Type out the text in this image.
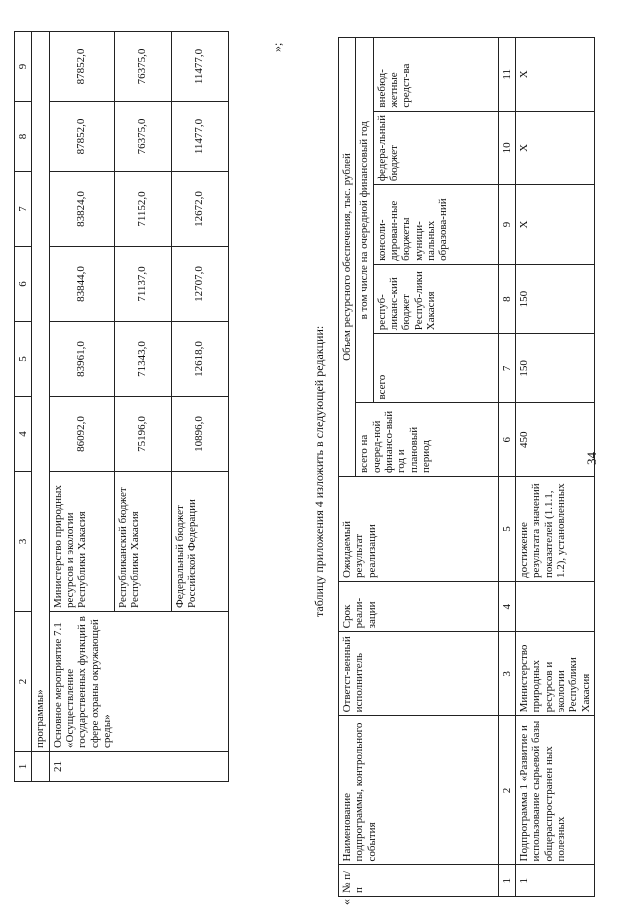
34
»;
1	2	3	4	5	6	7	8	9
	программы»							
21	Основное мероприятие 7.1 «Осуществление государственных функций в сфере охраны окружающей среды»	Министерство природных ресурсов и экологии Республики Хакасия	86092,0	83961,0	83844,0	83824,0	87852,0	87852,0
		Республиканский бюджет Республики Хакасия	75196,0	71343,0	71137,0	71152,0	76375,0	76375,0
		Федеральный бюджет Российской Федерации	10896,0	12618,0	12707,0	12672,0	11477,0	11477,0
таблицу приложения 4 изложить в следующей редакции:
«
№ п/п	Наименование подпрограммы, контрольного события	Ответст-венный исполнитель	Срок реали-зации	Ожидаемый результат реализации	Объем ресурсного обеспечения, тыс. рублей					
					всего на очеред-ной финансо-вый год и плановый период	в том числе на очередной финансовый год				
						всего	респуб-ликанс-кий бюджет Респуб-лики Хакасия	консоли-дирован-ные бюджеты муници-пальных образова-ний	федера-льный бюджет	внебюд-жетные средст-ва
1	2	3	4	5	6	7	8	9	10	11
1	Подпрограмма 1 «Развитие и использование сырьевой базы общераспространен ных полезных	Министерство природных ресурсов и экологии Республики Хакасия		достижение результата значений показателей (1.1.1, 1.2), установленных	450	150	150	X	X	X
